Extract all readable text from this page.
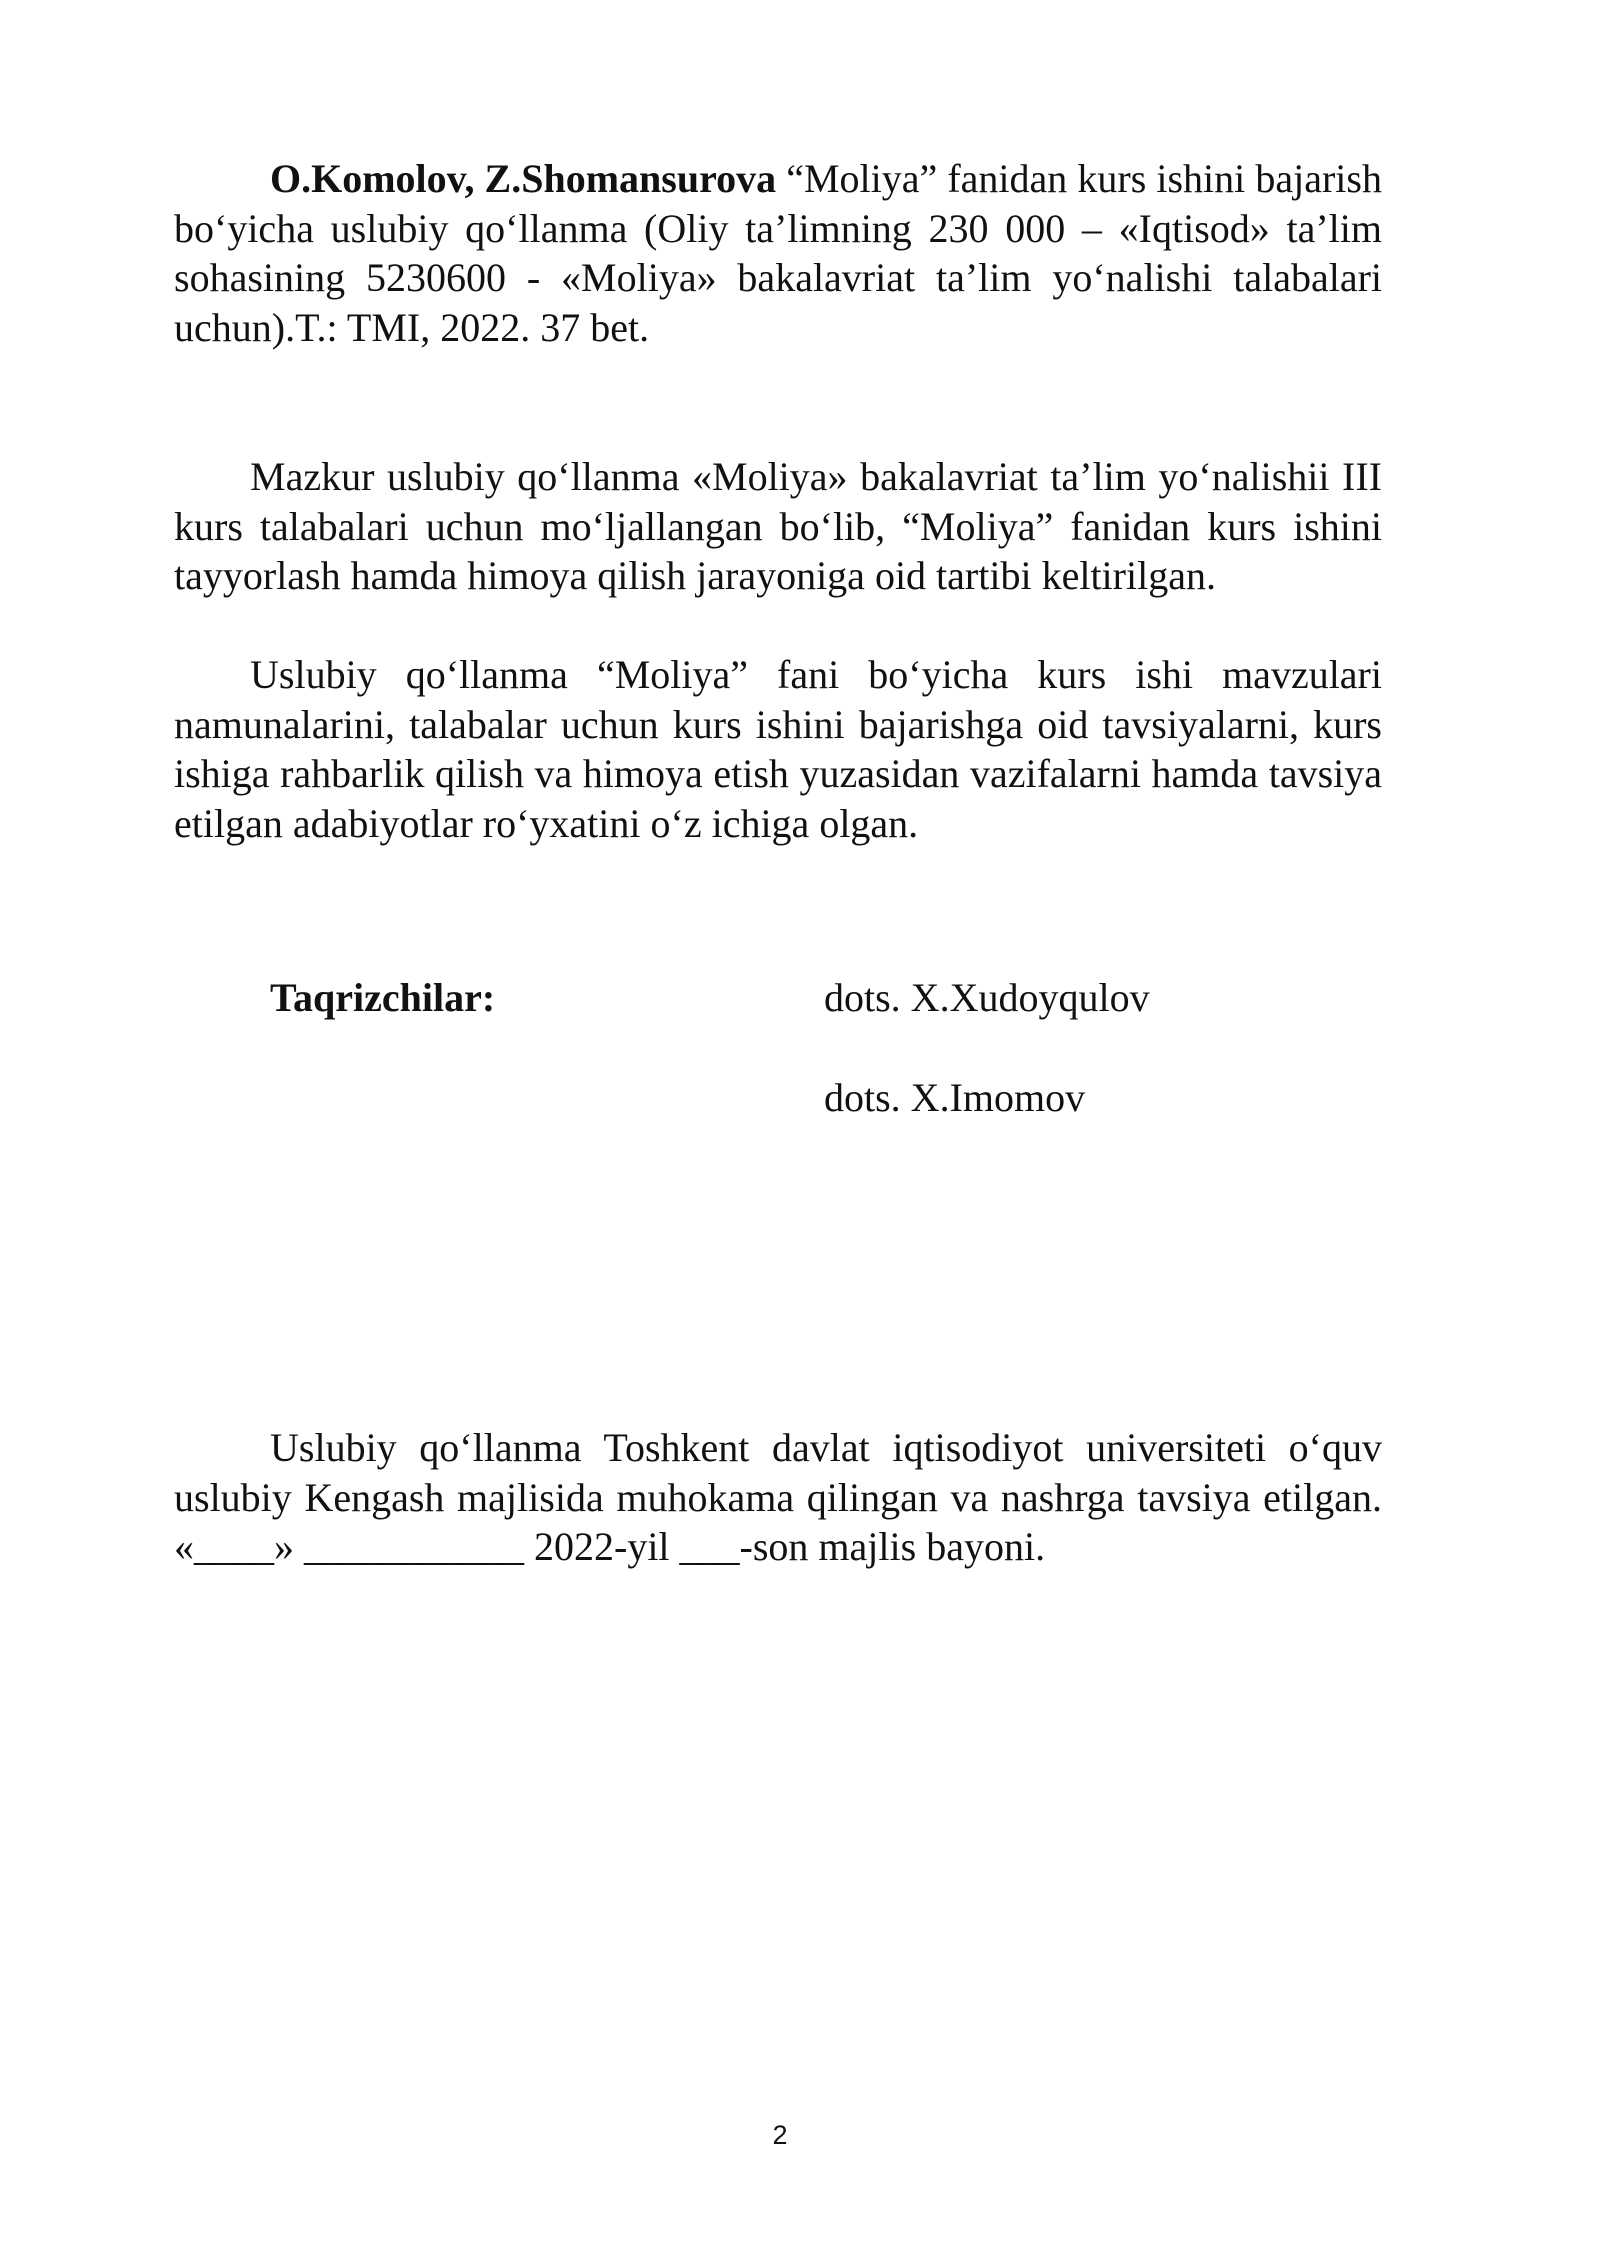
O.Komolov, Z.Shomansurova “Moliya” fanidan kurs ishini bajarish bo‘yicha uslubiy qo‘llanma (Oliy ta’limning 230 000 – «Iqtisod» ta’lim sohasining 5230600 - «Moliya» bakalavriat ta’lim yo‘nalishi talabalari uchun).T.: TMI, 2022. 37 bet.

Mazkur uslubiy qo‘llanma «Moliya» bakalavriat ta’lim yo‘nalishii III kurs talabalari uchun mo‘ljallangan bo‘lib, “Moliya” fanidan kurs ishini tayyorlash hamda himoya qilish jarayoniga oid tartibi keltirilgan.

Uslubiy qo‘llanma “Moliya” fani bo‘yicha kurs ishi mavzulari namunalarini, talabalar uchun kurs ishini bajarishga oid tavsiyalarni, kurs ishiga rahbarlik qilish va himoya etish yuzasidan vazifalarni hamda tavsiya etilgan adabiyotlar ro‘yxatini o‘z ichiga olgan.

Taqrizchilar:	dots. X.Xudoyqulov
dots. X.Imomov

Uslubiy qo‘llanma Toshkent davlat iqtisodiyot universiteti o‘quv uslubiy Kengash majlisida muhokama qilingan va nashrga tavsiya etilgan. «____» ___________ 2022-yil ___-son majlis bayoni.

2
